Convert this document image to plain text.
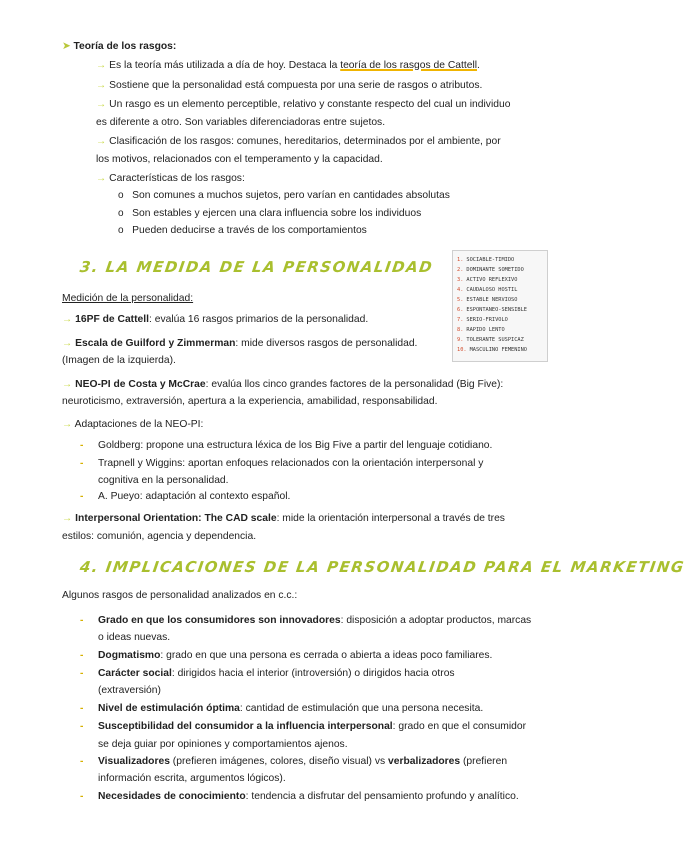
➤ Teoría de los rasgos:
→ Es la teoría más utilizada a día de hoy. Destaca la teoría de los rasgos de Cattell.
→ Sostiene que la personalidad está compuesta por una serie de rasgos o atributos.
→ Un rasgo es un elemento perceptible, relativo y constante respecto del cual un individuo
es diferente a otro. Son variables diferenciadoras entre sujetos.
→ Clasificación de los rasgos: comunes, hereditarios, determinados por el ambiente, por
los motivos, relacionados con el temperamento y la capacidad.
→ Características de los rasgos:
o Son comunes a muchos sujetos, pero varían en cantidades absolutas
o Son estables y ejercen una clara influencia sobre los individuos
o Pueden deducirse a través de los comportamientos
3. LA MEDIDA DE LA PERSONALIDAD	1. SOCIABLE-TIMIDO
2. DOMINANTE SOMETIDO
3. ACTIVO REFLEXIVO
4. CAUDALOSO HOSTIL
5. ESTABLE NERVIOSO
6. ESPONTANEO-SENSIBLE
7. SERIO-FRIVOLO
8. RAPIDO LENTO
9. TOLERANTE SUSPICAZ
10. MASCULINO FEMENINO
Medición de la personalidad:
→ 16PF de Cattell: evalúa 16 rasgos primarios de la personalidad.
→ Escala de Guilford y Zimmerman: mide diversos rasgos de personalidad.
(Imagen de la izquierda).
→ NEO-PI de Costa y McCrae: evalúa llos cinco grandes factores de la personalidad (Big Five):
neuroticismo, extraversión, apertura a la experiencia, amabilidad, responsabilidad.
→ Adaptaciones de la NEO-PI:
- Goldberg: propone una estructura léxica de los Big Five a partir del lenguaje cotidiano.
- Trapnell y Wiggins: aportan enfoques relacionados con la orientación interpersonal y
cognitiva en la personalidad.
- A. Pueyo: adaptación al contexto español.
→ Interpersonal Orientation: The CAD scale: mide la orientación interpersonal a través de tres
estilos: comunión, agencia y dependencia.
4. IMPLICACIONES DE LA PERSONALIDAD PARA EL MARKETING
Algunos rasgos de personalidad analizados en c.c.:
- Grado en que los consumidores son innovadores: disposición a adoptar productos, marcas
o ideas nuevas.
- Dogmatismo: grado en que una persona es cerrada o abierta a ideas poco familiares.
- Carácter social: dirigidos hacia el interior (introversión) o dirigidos hacia otros
(extraversión)
- Nivel de estimulación óptima: cantidad de estimulación que una persona necesita.
- Susceptibilidad del consumidor a la influencia interpersonal: grado en que el consumidor
se deja guiar por opiniones y comportamientos ajenos.
- Visualizadores (prefieren imágenes, colores, diseño visual) vs verbalizadores (prefieren
información escrita, argumentos lógicos).
- Necesidades de conocimiento: tendencia a disfrutar del pensamiento profundo y analítico.
